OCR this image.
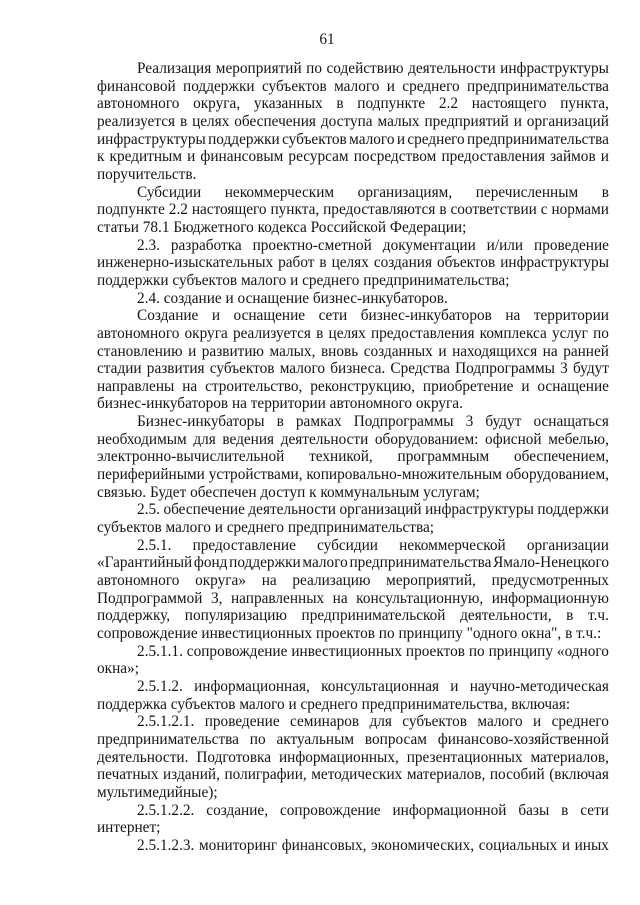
61
Реализация мероприятий по содействию деятельности инфраструктуры
финансовой поддержки субъектов малого и среднего предпринимательства
автономного округа, указанных в подпункте 2.2 настоящего пункта,
реализуется в целях обеспечения доступа малых предприятий и организаций
инфраструктуры поддержки субъектов малого и среднего предпринимательства
к кредитным и финансовым ресурсам посредством предоставления займов и
поручительств.
Субсидии некоммерческим организациям, перечисленным в
подпункте 2.2 настоящего пункта, предоставляются в соответствии с нормами
статьи 78.1 Бюджетного кодекса Российской Федерации;
2.3. разработка проектно-сметной документации и/или проведение
инженерно-изыскательных работ в целях создания объектов инфраструктуры
поддержки субъектов малого и среднего предпринимательства;
2.4. создание и оснащение бизнес-инкубаторов.
Создание и оснащение сети бизнес-инкубаторов на территории
автономного округа реализуется в целях предоставления комплекса услуг по
становлению и развитию малых, вновь созданных и находящихся на ранней
стадии развития субъектов малого бизнеса. Средства Подпрограммы 3 будут
направлены на строительство, реконструкцию, приобретение и оснащение
бизнес-инкубаторов на территории автономного округа.
Бизнес-инкубаторы в рамках Подпрограммы 3 будут оснащаться
необходимым для ведения деятельности оборудованием: офисной мебелью,
электронно-вычислительной техникой, программным обеспечением,
периферийными устройствами, копировально-множительным оборудованием,
связью. Будет обеспечен доступ к коммунальным услугам;
2.5. обеспечение деятельности организаций инфраструктуры поддержки
субъектов малого и среднего предпринимательства;
2.5.1. предоставление субсидии некоммерческой организации
«Гарантийный фонд поддержки малого предпринимательства Ямало-Ненецкого
автономного округа» на реализацию мероприятий, предусмотренных
Подпрограммой 3, направленных на консультационную, информационную
поддержку, популяризацию предпринимательской деятельности, в т.ч.
сопровождение инвестиционных проектов по принципу "одного окна", в т.ч.:
2.5.1.1. сопровождение инвестиционных проектов по принципу «одного
окна»;
2.5.1.2. информационная, консультационная и научно-методическая
поддержка субъектов малого и среднего предпринимательства, включая:
2.5.1.2.1. проведение семинаров для субъектов малого и среднего
предпринимательства по актуальным вопросам финансово-хозяйственной
деятельности. Подготовка информационных, презентационных материалов,
печатных изданий, полиграфии, методических материалов, пособий (включая
мультимедийные);
2.5.1.2.2. создание, сопровождение информационной базы в сети
интернет;
2.5.1.2.3. мониторинг финансовых, экономических, социальных и иных
